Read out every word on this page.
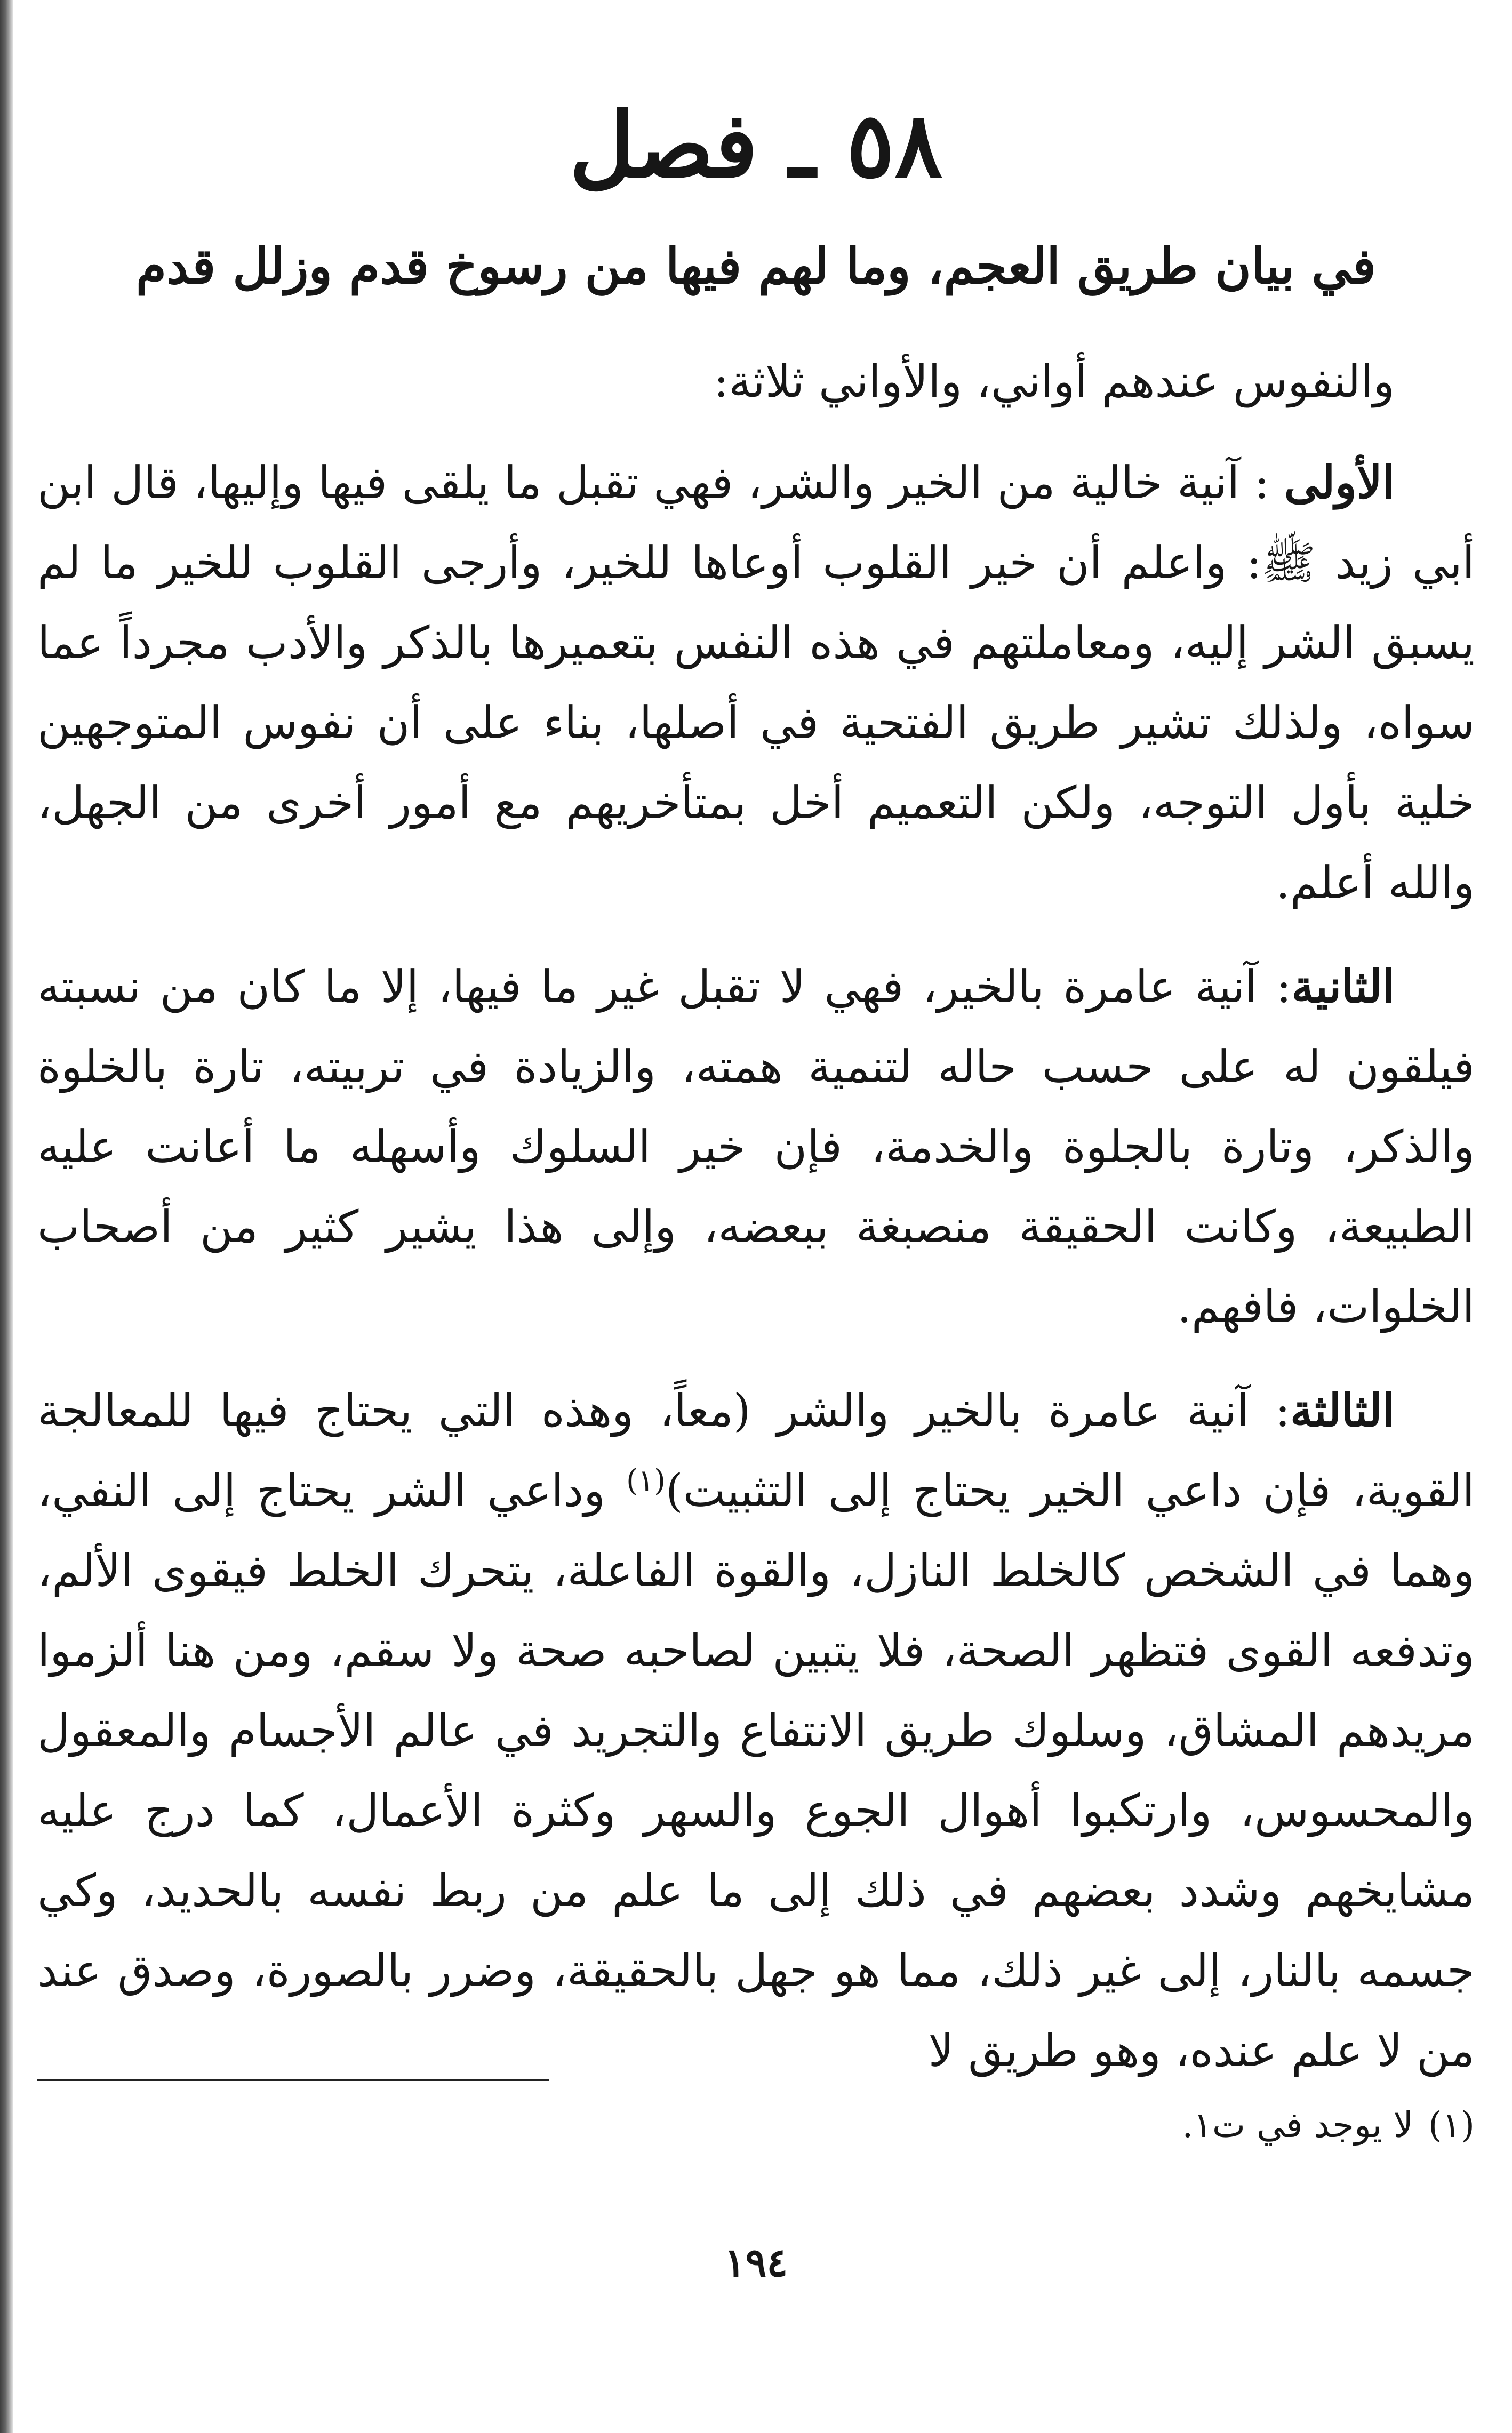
٥٨ ـ فصل
في بيان طريق العجم، وما لهم فيها من رسوخ قدم وزلل قدم

والنفوس عندهم أواني، والأواني ثلاثة:

الأولى : آنية خالية من الخير والشر، فهي تقبل ما يلقى فيها وإليها، قال ابن أبي زيد ﷺ: واعلم أن خير القلوب أوعاها للخير، وأرجى القلوب للخير ما لم يسبق الشر إليه، ومعاملتهم في هذه النفس بتعميرها بالذكر والأدب مجرداً عما سواه، ولذلك تشير طريق الفتحية في أصلها، بناء على أن نفوس المتوجهين خلية بأول التوجه، ولكن التعميم أخل بمتأخريهم مع أمور أخرى من الجهل، والله أعلم.

الثانية: آنية عامرة بالخير، فهي لا تقبل غير ما فيها، إلا ما كان من نسبته فيلقون له على حسب حاله لتنمية همته، والزيادة في تربيته، تارة بالخلوة والذكر، وتارة بالجلوة والخدمة، فإن خير السلوك وأسهله ما أعانت عليه الطبيعة، وكانت الحقيقة منصبغة ببعضه، وإلى هذا يشير كثير من أصحاب الخلوات، فافهم.

الثالثة: آنية عامرة بالخير والشر (معاً، وهذه التي يحتاج فيها للمعالجة القوية، فإن داعي الخير يحتاج إلى التثبيت)$^{(١)}$ وداعي الشر يحتاج إلى النفي، وهما في الشخص كالخلط النازل، والقوة الفاعلة، يتحرك الخلط فيقوى الألم، وتدفعه القوى فتظهر الصحة، فلا يتبين لصاحبه صحة ولا سقم، ومن هنا ألزموا مريدهم المشاق، وسلوك طريق الانتفاع والتجريد في عالم الأجسام والمعقول والمحسوس، وارتكبوا أهوال الجوع والسهر وكثرة الأعمال، كما درج عليه مشايخهم وشدد بعضهم في ذلك إلى ما علم من ربط نفسه بالحديد، وكي جسمه بالنار، إلى غير ذلك، مما هو جهل بالحقيقة، وضرر بالصورة، وصدق عند من لا علم عنده، وهو طريق لا

(١)لا يوجد في ت١.
١٩٤
